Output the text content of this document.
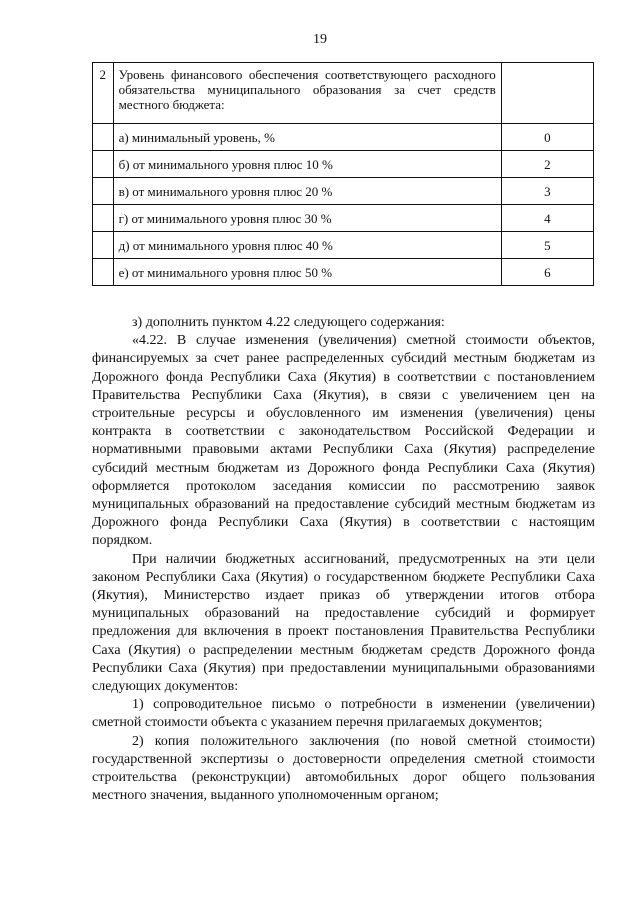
19
2	Уровень финансового обеспечения соответствующего расходного обязательства муниципального образования за счет средств местного бюджета:	
	а) минимальный уровень, %	0
	б) от минимального уровня плюс 10 %	2
	в) от минимального уровня плюс 20 %	3
	г) от минимального уровня плюс 30 %	4
	д) от минимального уровня плюс 40 %	5
	е) от минимального уровня плюс 50 %	6

з) дополнить пунктом 4.22 следующего содержания:

«4.22. В случае изменения (увеличения) сметной стоимости объектов, финансируемых за счет ранее распределенных субсидий местным бюджетам из Дорожного фонда Республики Саха (Якутия) в соответствии с постановлением Правительства Республики Саха (Якутия), в связи с увеличением цен на строительные ресурсы и обусловленного им изменения (увеличения) цены контракта в соответствии с законодательством Российской Федерации и нормативными правовыми актами Республики Саха (Якутия) распределение субсидий местным бюджетам из Дорожного фонда Республики Саха (Якутия) оформляется протоколом заседания комиссии по рассмотрению заявок муниципальных образований на предоставление субсидий местным бюджетам из Дорожного фонда Республики Саха (Якутия) в соответствии с настоящим порядком.

При наличии бюджетных ассигнований, предусмотренных на эти цели законом Республики Саха (Якутия) о государственном бюджете Республики Саха (Якутия), Министерство издает приказ об утверждении итогов отбора муниципальных образований на предоставление субсидий и формирует предложения для включения в проект постановления Правительства Республики Саха (Якутия) о распределении местным бюджетам средств Дорожного фонда Республики Саха (Якутия) при предоставлении муниципальными образованиями следующих документов:

1) сопроводительное письмо о потребности в изменении (увеличении) сметной стоимости объекта с указанием перечня прилагаемых документов;

2) копия положительного заключения (по новой сметной стоимости) государственной экспертизы о достоверности определения сметной стоимости строительства (реконструкции) автомобильных дорог общего пользования местного значения, выданного уполномоченным органом;
